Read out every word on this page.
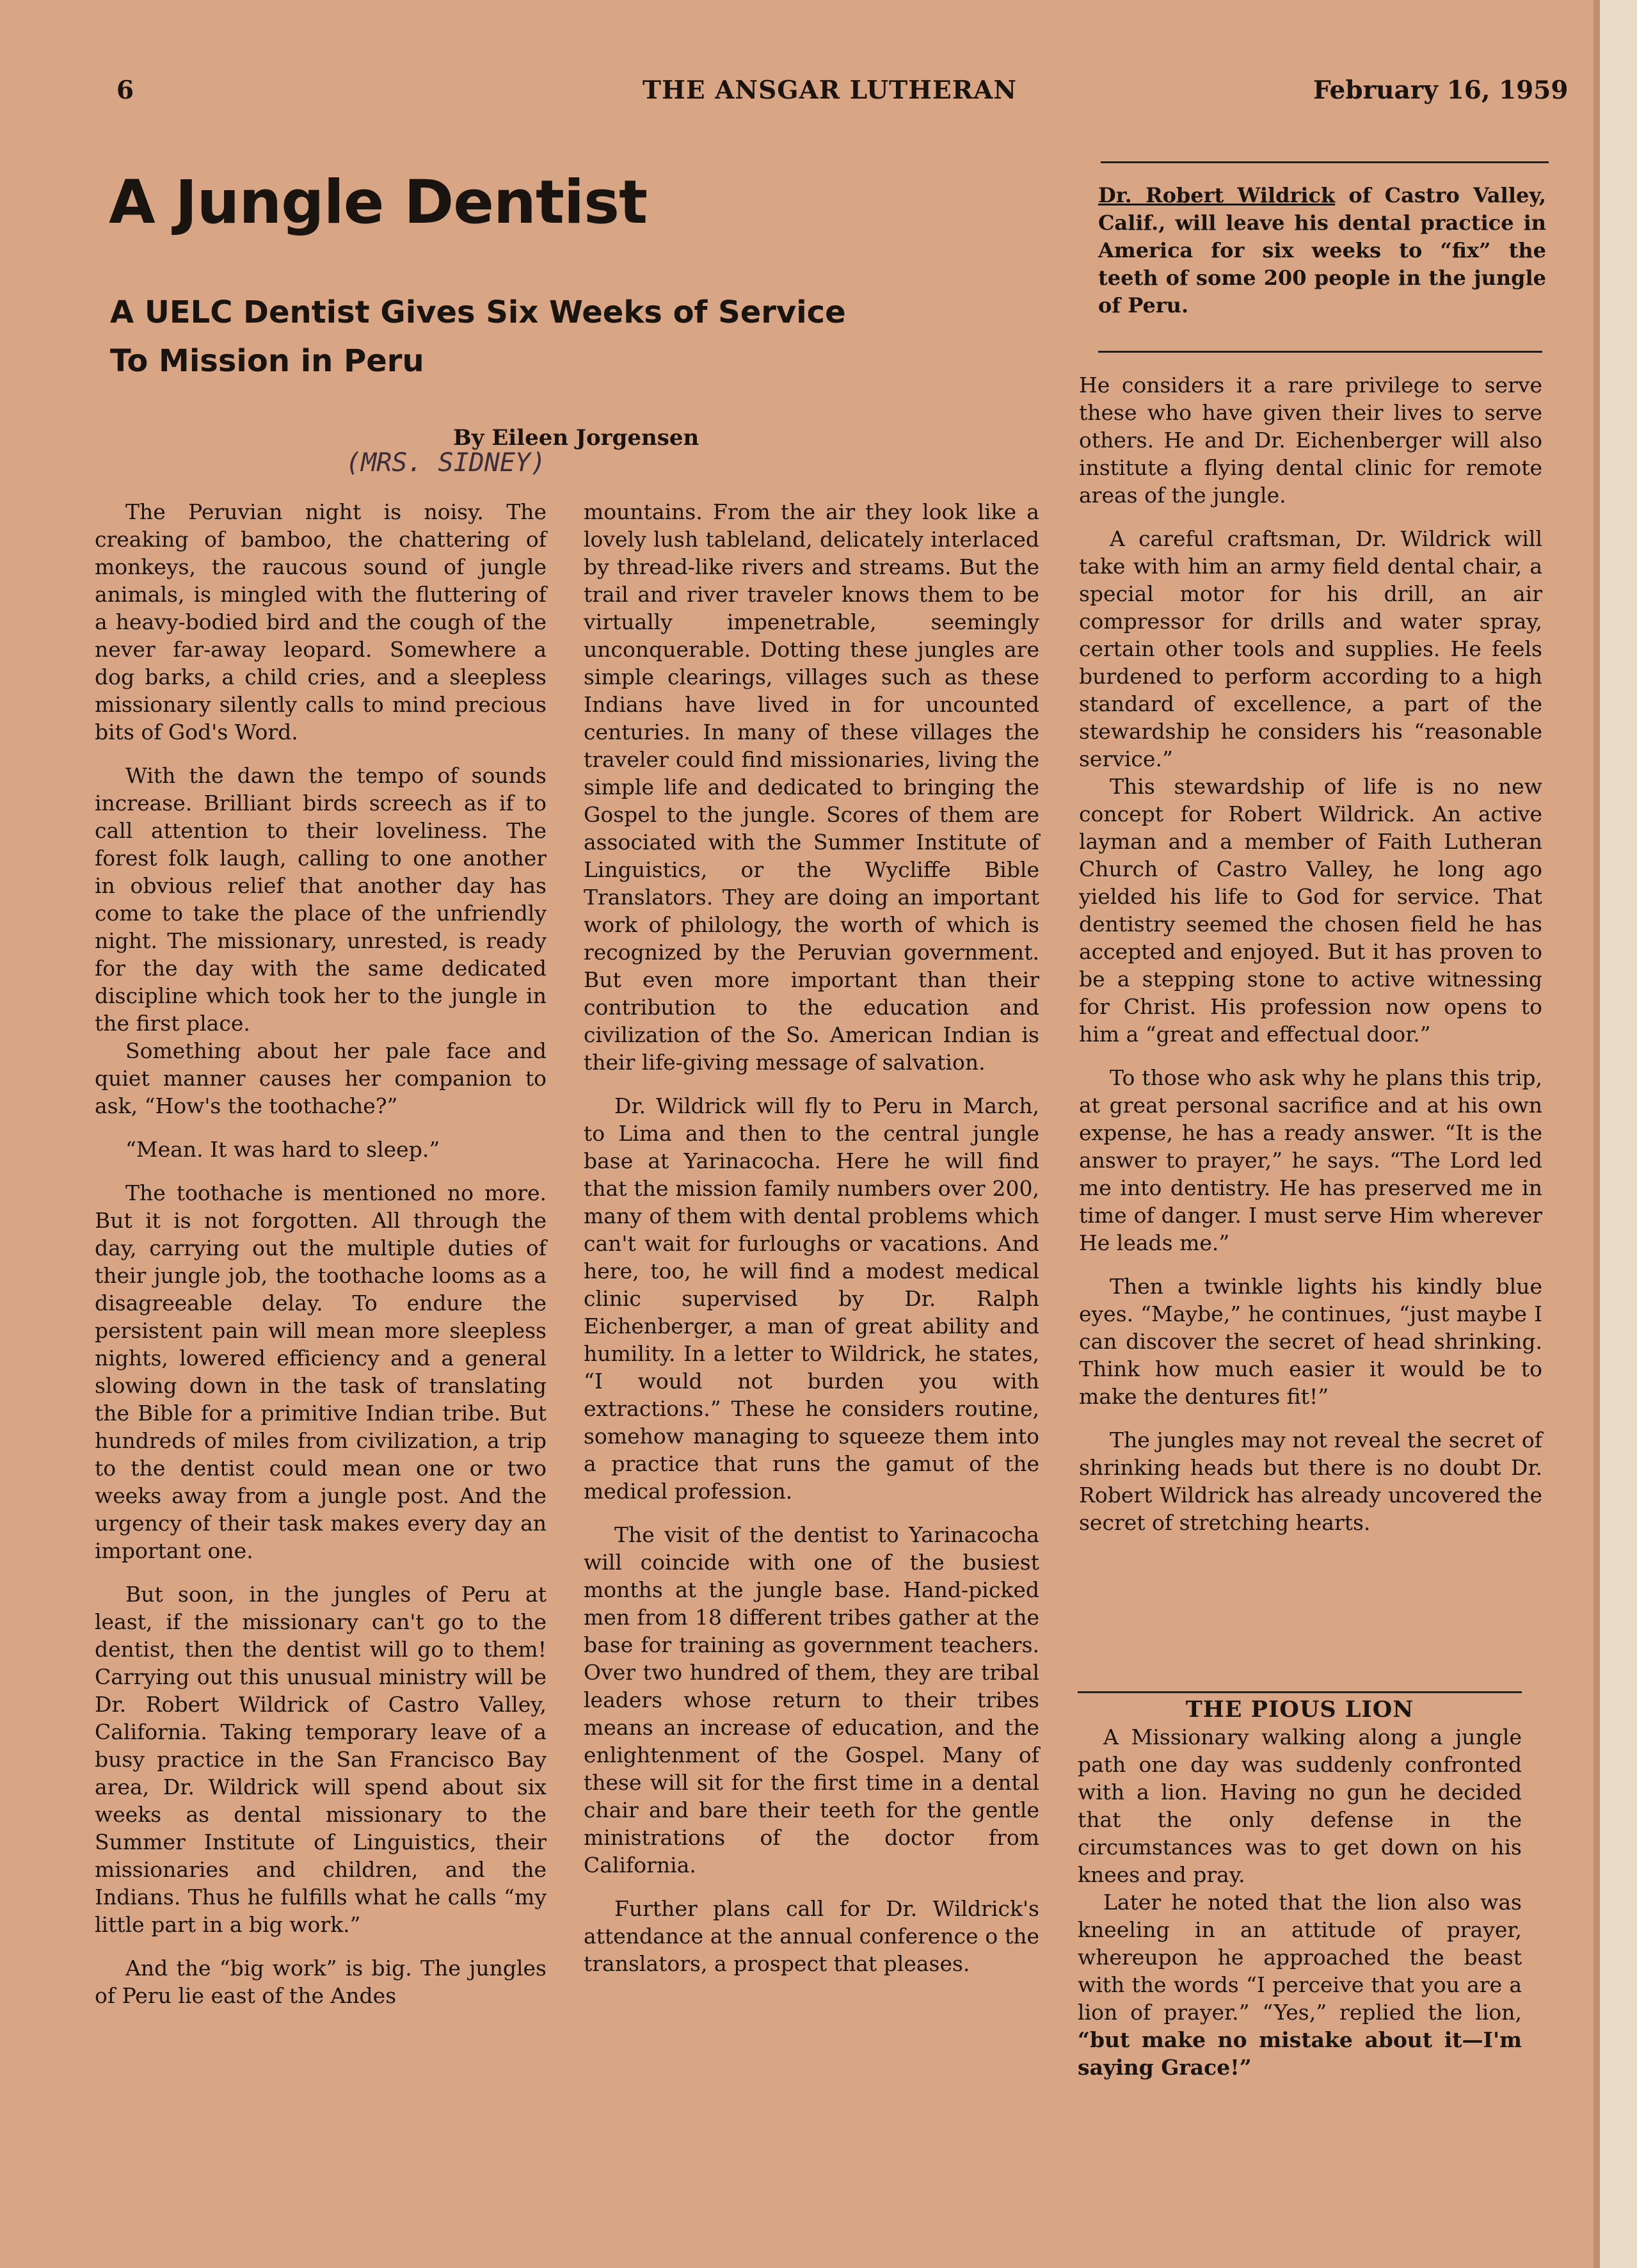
6	THE ANSGAR LUTHERAN	February 16, 1959
A Jungle Dentist
A UELC Dentist Gives Six Weeks of Service
To Mission in Peru
By Eileen Jorgensen
(MRS. SIDNEY)

The Peruvian night is noisy. The creaking of bamboo, the chattering of monkeys, the raucous sound of jungle animals, is mingled with the fluttering of a heavy-bodied bird and the cough of the never far-away leopard. Somewhere a dog barks, a child cries, and a sleepless missionary silently calls to mind precious bits of God's Word.

With the dawn the tempo of sounds increase. Brilliant birds screech as if to call attention to their loveliness. The forest folk laugh, calling to one another in obvious relief that another day has come to take the place of the unfriendly night. The missionary, unrested, is ready for the day with the same dedicated discipline which took her to the jungle in the first place.

Something about her pale face and quiet manner causes her companion to ask, “How's the toothache?”

“Mean. It was hard to sleep.”

The toothache is mentioned no more. But it is not forgotten. All through the day, carrying out the multiple duties of their jungle job, the toothache looms as a disagreeable delay. To endure the persistent pain will mean more sleepless nights, lowered efficiency and a general slowing down in the task of translating the Bible for a primitive Indian tribe. But hundreds of miles from civilization, a trip to the dentist could mean one or two weeks away from a jungle post. And the urgency of their task makes every day an important one.

But soon, in the jungles of Peru at least, if the missionary can't go to the dentist, then the dentist will go to them! Carrying out this unusual ministry will be Dr. Robert Wildrick of Castro Valley, California. Taking temporary leave of a busy practice in the San Francisco Bay area, Dr. Wildrick will spend about six weeks as dental missionary to the Summer Institute of Linguistics, their missionaries and children, and the Indians. Thus he fulfills what he calls “my little part in a big work.”

And the “big work” is big. The jungles of Peru lie east of the Andes

mountains. From the air they look like a lovely lush tableland, delicately interlaced by thread-like rivers and streams. But the trail and river traveler knows them to be virtually impenetrable, seemingly unconquerable. Dotting these jungles are simple clearings, villages such as these Indians have lived in for uncounted centuries. In many of these villages the traveler could find missionaries, living the simple life and dedicated to bringing the Gospel to the jungle. Scores of them are associated with the Summer Institute of Linguistics, or the Wycliffe Bible Translators. They are doing an important work of philology, the worth of which is recognized by the Peruvian government. But even more important than their contribution to the education and civilization of the So. American Indian is their life-giving message of salvation.

Dr. Wildrick will fly to Peru in March, to Lima and then to the central jungle base at Yarinacocha. Here he will find that the mission family numbers over 200, many of them with dental problems which can't wait for furloughs or vacations. And here, too, he will find a modest medical clinic supervised by Dr. Ralph Eichenberger, a man of great ability and humility. In a letter to Wildrick, he states, “I would not burden you with extractions.” These he considers routine, somehow managing to squeeze them into a practice that runs the gamut of the medical profession.

The visit of the dentist to Yarinacocha will coincide with one of the busiest months at the jungle base. Hand-picked men from 18 different tribes gather at the base for training as government teachers. Over two hundred of them, they are tribal leaders whose return to their tribes means an increase of education, and the enlightenment of the Gospel. Many of these will sit for the first time in a dental chair and bare their teeth for the gentle ministrations of the doctor from California.

Further plans call for Dr. Wildrick's attendance at the annual conference o the translators, a prospect that pleases.

Dr. Robert Wildrick of Castro Valley, Calif., will leave his dental practice in America for six weeks to “fix” the teeth of some 200 people in the jungle of Peru.

He considers it a rare privilege to serve these who have given their lives to serve others. He and Dr. Eichenberger will also institute a flying dental clinic for remote areas of the jungle.

A careful craftsman, Dr. Wildrick will take with him an army field dental chair, a special motor for his drill, an air compressor for drills and water spray, certain other tools and supplies. He feels burdened to perform according to a high standard of excellence, a part of the stewardship he considers his “reasonable service.”

This stewardship of life is no new concept for Robert Wildrick. An active layman and a member of Faith Lutheran Church of Castro Valley, he long ago yielded his life to God for service. That dentistry seemed the chosen field he has accepted and enjoyed. But it has proven to be a stepping stone to active witnessing for Christ. His profession now opens to him a “great and effectual door.”

To those who ask why he plans this trip, at great personal sacrifice and at his own expense, he has a ready answer. “It is the answer to prayer,” he says. “The Lord led me into dentistry. He has preserved me in time of danger. I must serve Him wherever He leads me.”

Then a twinkle lights his kindly blue eyes. “Maybe,” he continues, “just maybe I can discover the secret of head shrinking. Think how much easier it would be to make the dentures fit!”

The jungles may not reveal the secret of shrinking heads but there is no doubt Dr. Robert Wildrick has already uncovered the secret of stretching hearts.

THE PIOUS LION

A Missionary walking along a jungle path one day was suddenly confronted with a lion. Having no gun he decided that the only defense in the circumstances was to get down on his knees and pray.

Later he noted that the lion also was kneeling in an attitude of prayer, whereupon he approached the beast with the words “I perceive that you are a lion of prayer.” “Yes,” replied the lion, “but make no mistake about it—I'm saying Grace!”
